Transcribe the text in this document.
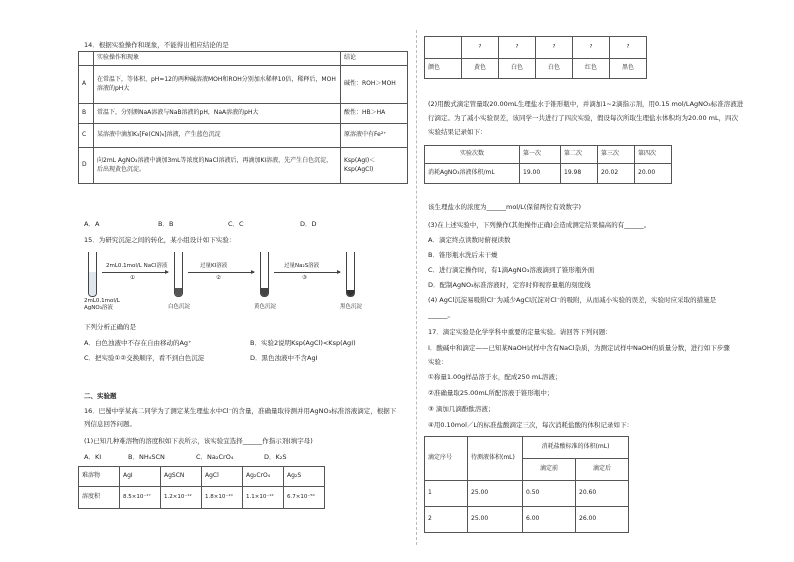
14．根据实验操作和现象，不能得出相应结论的是

	实验操作和现象	结论
A	在常温下，等体积、pH=12的两种碱溶液MOH和ROH分别加水稀释10倍，稀释后，MOH溶液的pH大	碱性：ROH＞MOH
B	常温下，分别测NaA溶液与NaB溶液的pH，NaA溶液的pH大	酸性：HB＞HA
C	某溶液中滴加K₃[Fe(CN)₆]溶液，产生蓝色沉淀	原溶液中有Fe²⁺
D	向2mL AgNO₃溶液中滴加3mL等浓度的NaCl溶液后，再滴加KI溶液，先产生白色沉淀，后出现黄色沉淀。	Ksp(AgI)＜Ksp(AgCl)

A．A	B．B	C．C	D．D

15．为研究沉淀之间的转化，某小组设计如下实验：

2mL0.1mol/L NaCl溶液

①

过量KI溶液

②

过量Na₂S溶液

③

2mL0.1mol/L AgNO₃溶液	白色沉淀	黄色沉淀	黑色沉淀

下列分析正确的是

A．白色浊液中不存在自由移动的Ag⁺	B．实验2说明Ksp(AgCl)<Ksp(AgI)

C．把实验①②交换顺序，看不到白色沉淀	D．黑色浊液中不含AgI

二、实验题

16．巴蜀中学某高二同学为了测定某生理盐水中Cl⁻的含量，准确量取待测并用AgNO₃标准溶液滴定，根据下

列信息回答问题。

(1)已知几种难溶物的溶度积如下表所示，该实验宜选择______作指示剂(填字母)

A．KI	B．NH₄SCN	C．Na₂CrO₄	D．K₂S

难溶物	AgI	AgSCN	AgCl	Ag₂CrO₄	Ag₂S
溶度积	8.5×10⁻¹⁷	1.2×10⁻¹²	1.8×10⁻¹⁰	1.1×10⁻¹²	6.7×10⁻⁵⁰
	?	?	?	?	?
颜色	黄色	白色	白色	红色	黑色

(2)用酸式滴定管量取20.00mL生理盐水于锥形瓶中，并滴加1~2滴指示剂，用0.15 mol/LAgNO₃标准溶液进

行滴定。为了减小实验误差，该同学一共进行了四次实验，假设每次所取生理盐水体积均为20.00 mL，四次

实验结果记录如下：

实验次数	第一次	第二次	第三次	第四次
消耗AgNO₃溶液体积/mL	19.00	19.98	20.02	20.00

该生理盐水的浓度为______mol/L(保留两位有效数字)

(3)在上述实验中，下列操作(其他操作正确)会造成测定结果偏高的有______。

A．滴定终点读数时俯视读数

B．锥形瓶水洗后未干燥

C．进行滴定操作时，有1滴AgNO₃溶液滴到了锥形瓶外面

D．配制AgNO₃标准溶液时，定容时仰视容量瓶的刻度线

(4) AgCl沉淀易吸附Cl⁻为减少AgCl沉淀对Cl⁻的吸附，从而减小实验的误差，实验时应采取的措施是

______。

17．滴定实验是化学学科中重要的定量实验。请回答下列问题：

Ⅰ．酸碱中和滴定——已知某NaOH试样中含有NaCl杂质，为测定试样中NaOH的质量分数，进行如下步骤

实验：

①称量1.00g样品溶于水，配成250 mL溶液；

②准确量取25.00mL所配溶液于锥形瓶中；

③ 滴加几滴酚酞溶液；

④用0.10mol／L的标准盐酸滴定三次，每次消耗盐酸的体积记录如下：

滴定序号	待测液体积(mL)	消耗盐酸标准的体积(mL)	
		滴定前	滴定后
1	25.00	0.50	20.60
2	25.00	6.00	26.00
